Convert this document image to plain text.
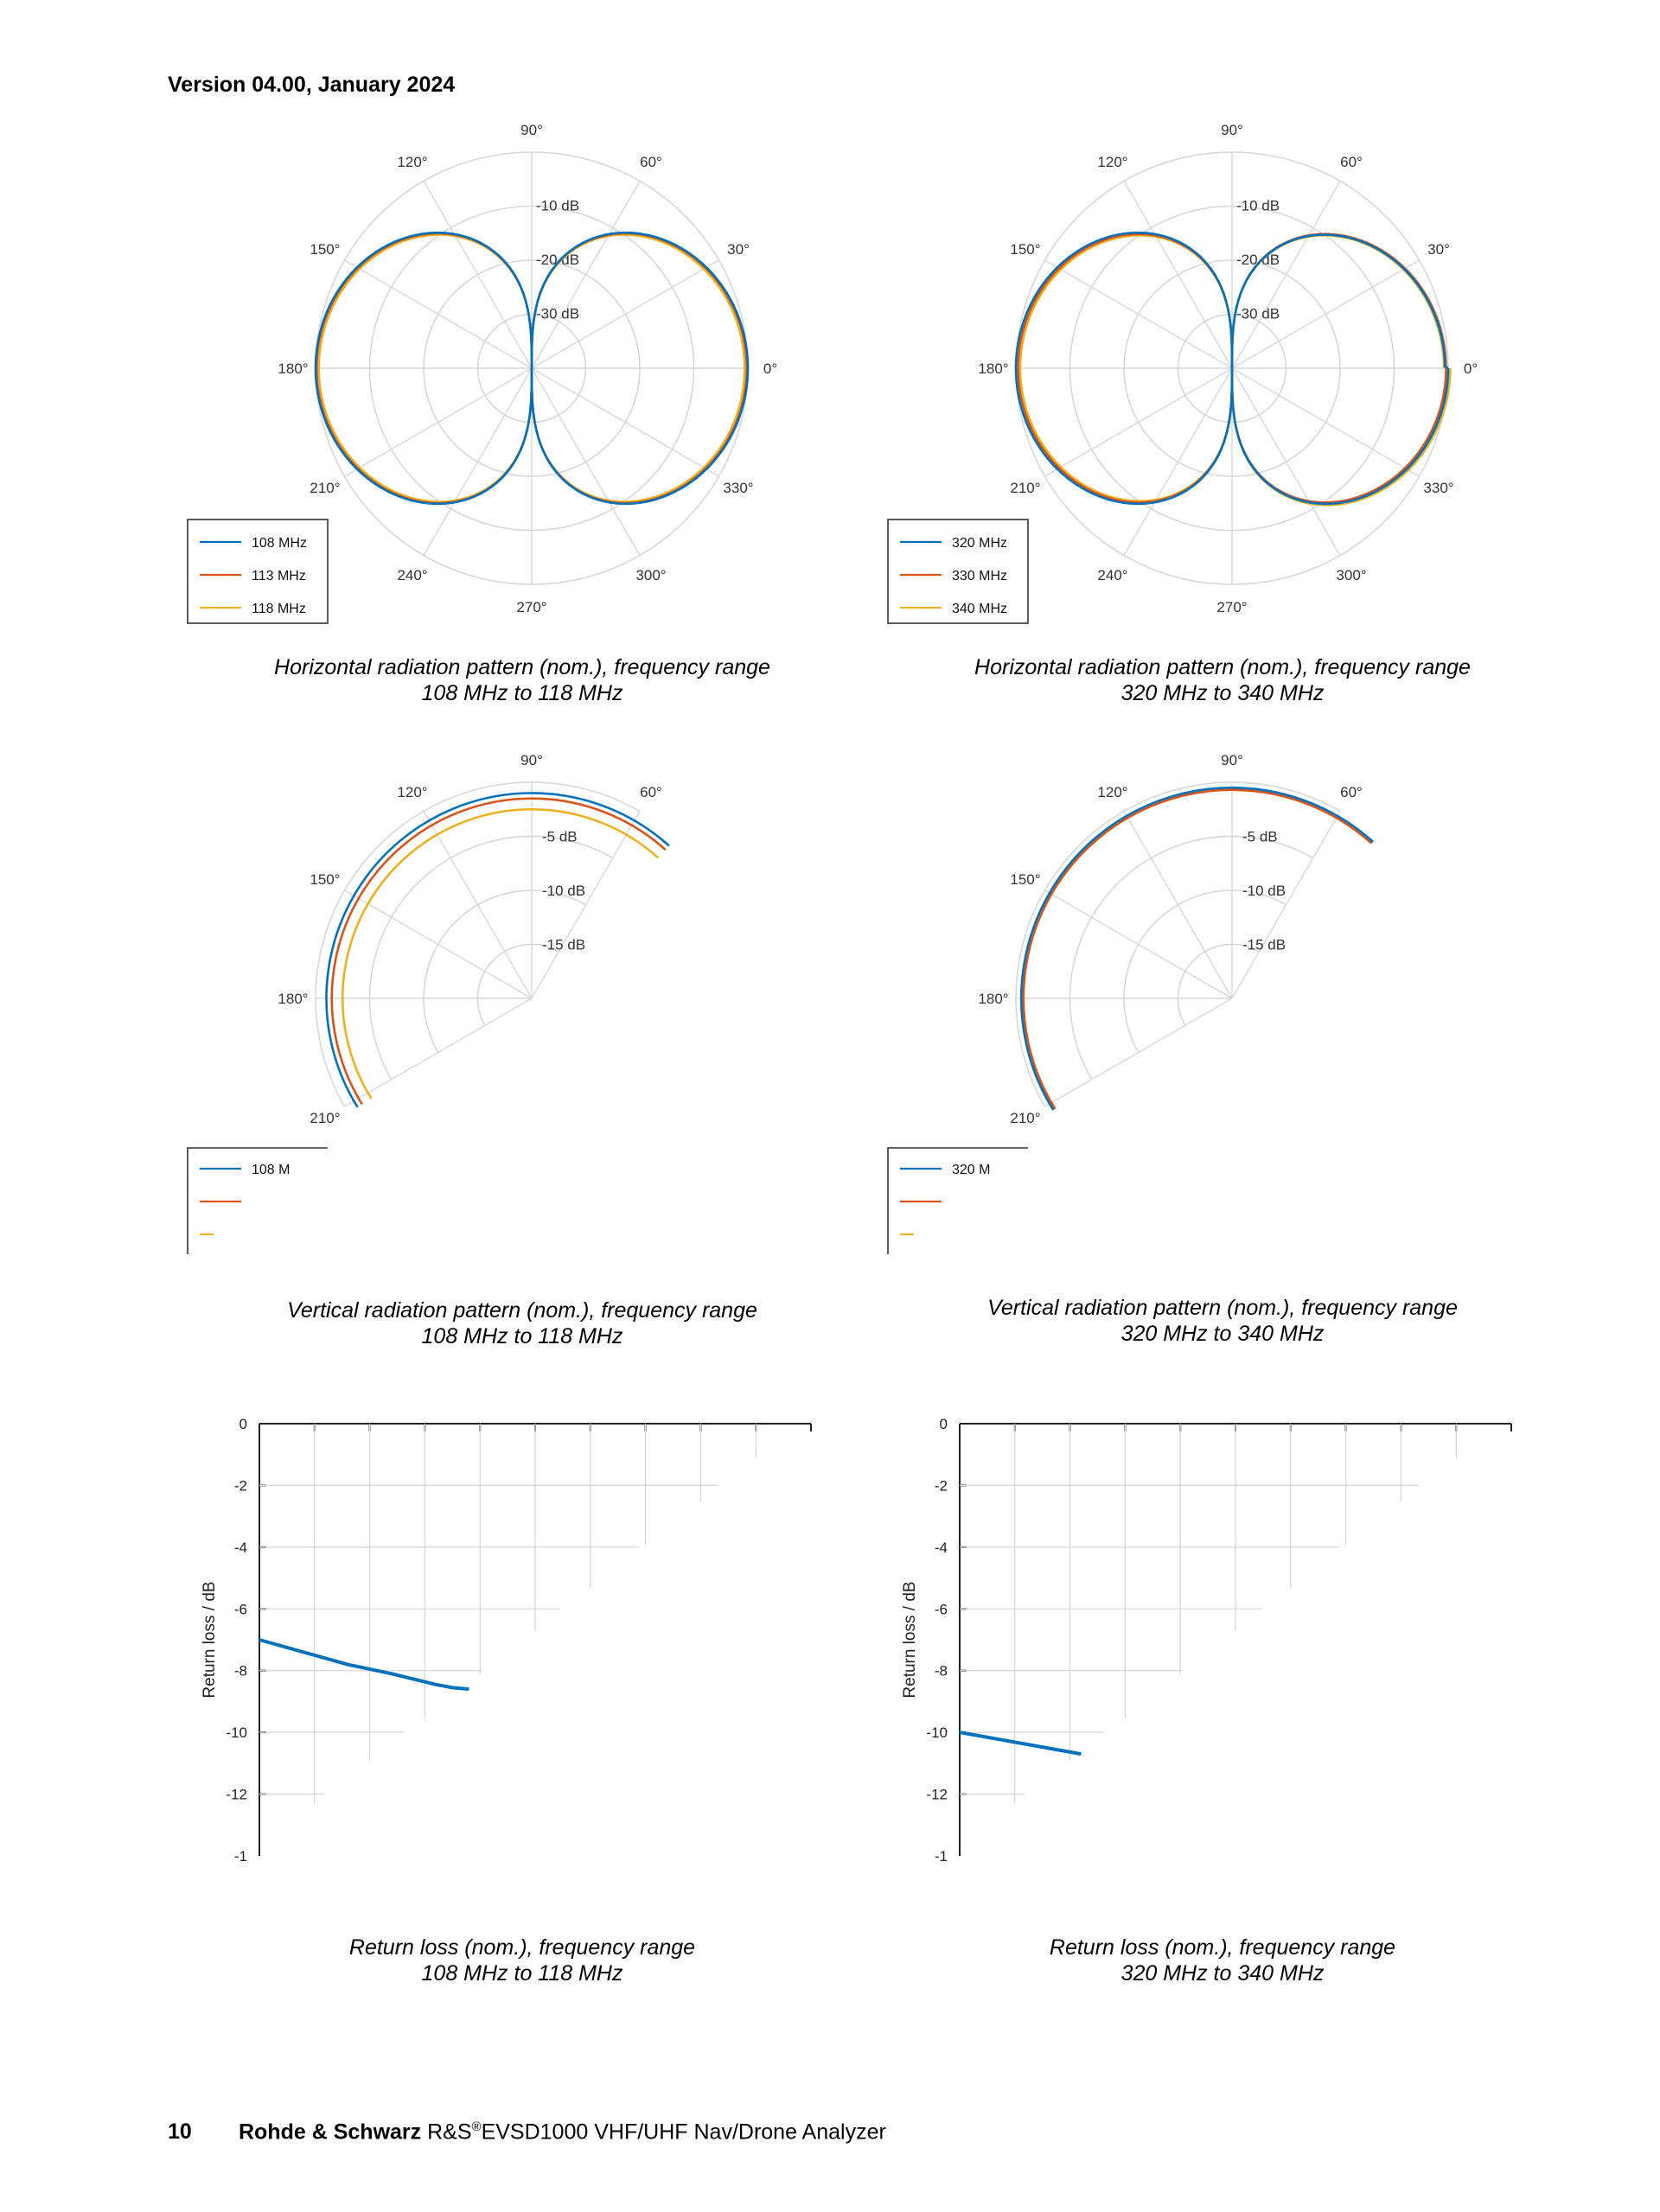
Version 04.00, January 2024
0°
30°
60°
90°
120°
150°
180°
210°
240°
270°
300°
330°
-10 dB
-20 dB
-30 dB
108 MHz
113 MHz
118 MHz
0°
30°
60°
90°
120°
150°
180°
210°
240°
270°
300°
330°
-10 dB
-20 dB
-30 dB
320 MHz
330 MHz
340 MHz
60°
90°
120°
150°
180°
210°
-5 dB
-10 dB
-15 dB
108 M
60°
90°
120°
150°
180°
210°
-5 dB
-10 dB
-15 dB
320 M
0
-2
-4
-6
-8
-10
-12
-1
Return loss / dB
0
-2
-4
-6
-8
-10
-12
-1
Return loss / dB
Horizontal radiation pattern (nom.), frequency range
108 MHz to 118 MHz
Horizontal radiation pattern (nom.), frequency range
320 MHz to 340 MHz
Vertical radiation pattern (nom.), frequency range
108 MHz to 118 MHz
Vertical radiation pattern (nom.), frequency range
320 MHz to 340 MHz
Return loss (nom.), frequency range
108 MHz to 118 MHz
Return loss (nom.), frequency range
320 MHz to 340 MHz
10 Rohde & Schwarz R&S®EVSD1000 VHF/UHF Nav/Drone Analyzer
